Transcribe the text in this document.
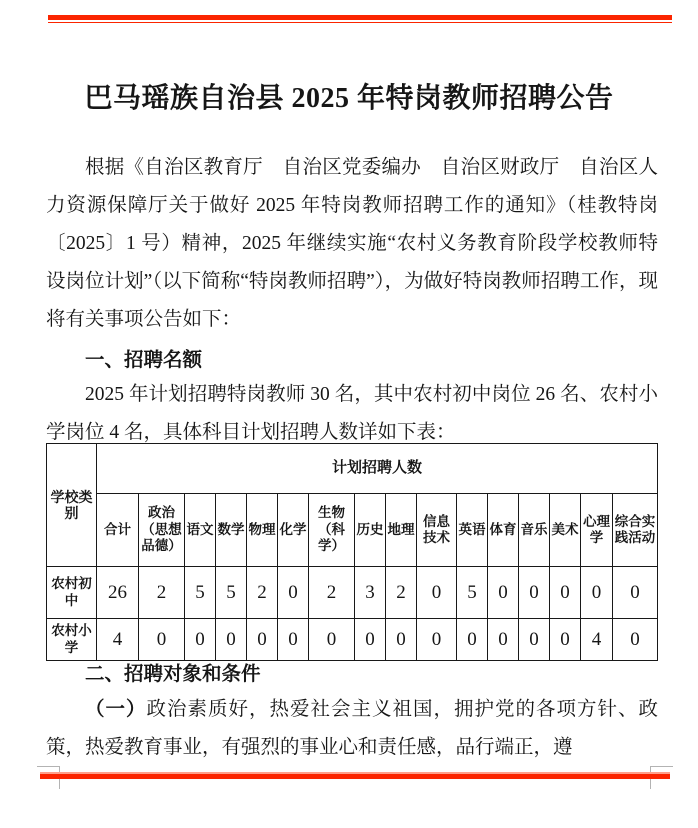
巴马瑶族自治县 2025 年特岗教师招聘公告

根据《自治区教育厅　自治区党委编办　自治区财政厅　自治区人力资源保障厅关于做好 2025 年特岗教师招聘工作的通知》（桂教特岗〔2025〕1 号）精神，2025 年继续实施“农村义务教育阶段学校教师特设岗位计划”（以下简称“特岗教师招聘”），为做好特岗教师招聘工作，现将有关事项公告如下：

一、招聘名额

2025 年计划招聘特岗教师 30 名，其中农村初中岗位 26 名、农村小学岗位 4 名，具体科目计划招聘人数详如下表：

学校类别	计划招聘人数															
	合计	政治（思想品德）	语文	数学	物理	化学	生物（科学）	历史	地理	信息技术	英语	体育	音乐	美术	心理学	综合实践活动
农村初中	26	2	5	5	2	0	2	3	2	0	5	0	0	0	0	0
农村小学	4	0	0	0	0	0	0	0	0	0	0	0	0	0	4	0
二、招聘对象和条件

（一）政治素质好，热爱社会主义祖国，拥护党的各项方针、政策，热爱教育事业，有强烈的事业心和责任感，品行端正，遵
